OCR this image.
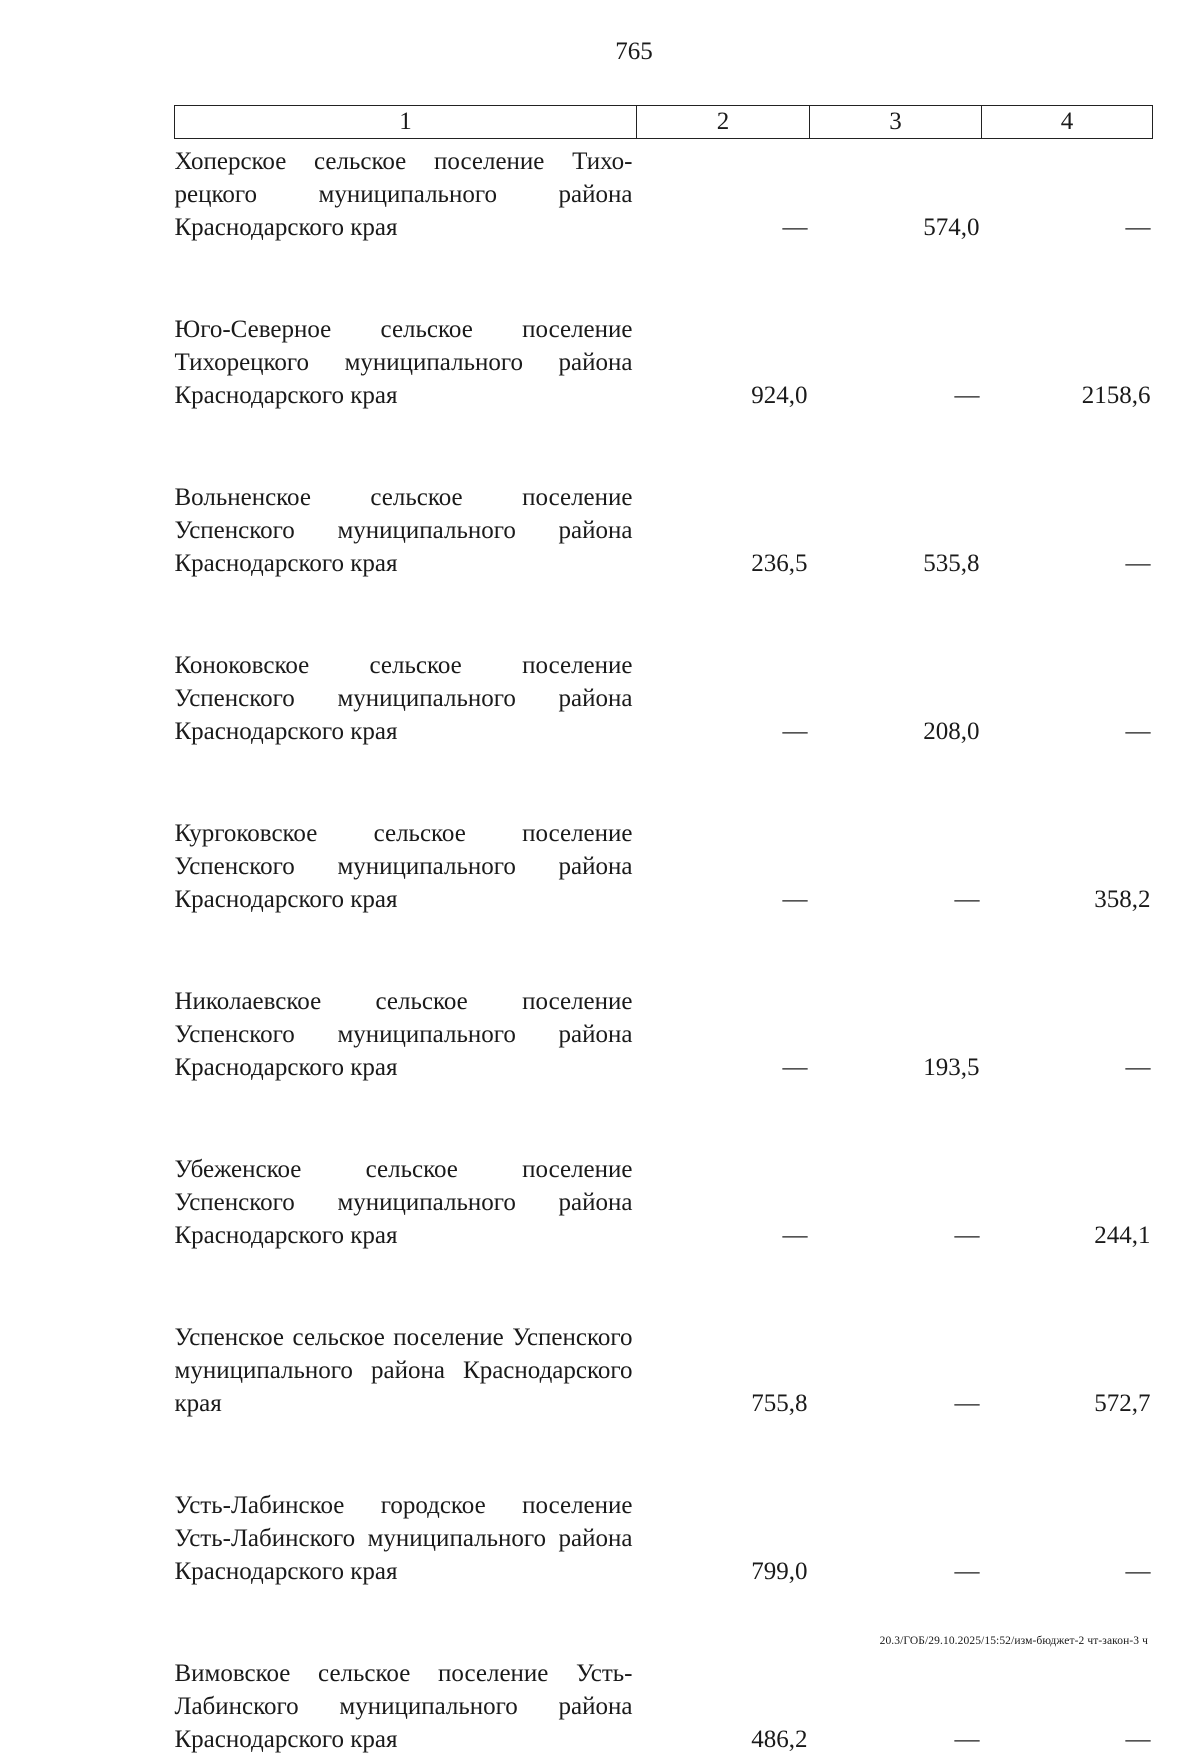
765
1	2	3	4
Хоперское сельское поселение Тихо-рецкого муниципального района Краснодарского края	—	574,0	—

Юго-Северное сельское поселение Тихорецкого муниципального района Краснодарского края	924,0	—	2158,6

Вольненское сельское поселение Успенского муниципального района Краснодарского края	236,5	535,8	—

Коноковское сельское поселение Успенского муниципального района Краснодарского края	—	208,0	—

Кургоковское сельское поселение Успенского муниципального района Краснодарского края	—	—	358,2

Николаевское сельское поселение Успенского муниципального района Краснодарского края	—	193,5	—

Убеженское сельское поселение Успенского муниципального района Краснодарского края	—	—	244,1

Успенское сельское поселение Успенского муниципального района Краснодарского края	755,8	—	572,7

Усть-Лабинское городское поселение Усть-Лабинского муниципального района Краснодарского края	799,0	—	—

Вимовское сельское поселение Усть-Лабинского муниципального района Краснодарского края	486,2	—	—
20.3/ГОБ/29.10.2025/15:52/изм-бюджет-2 чт-закон-3 ч
